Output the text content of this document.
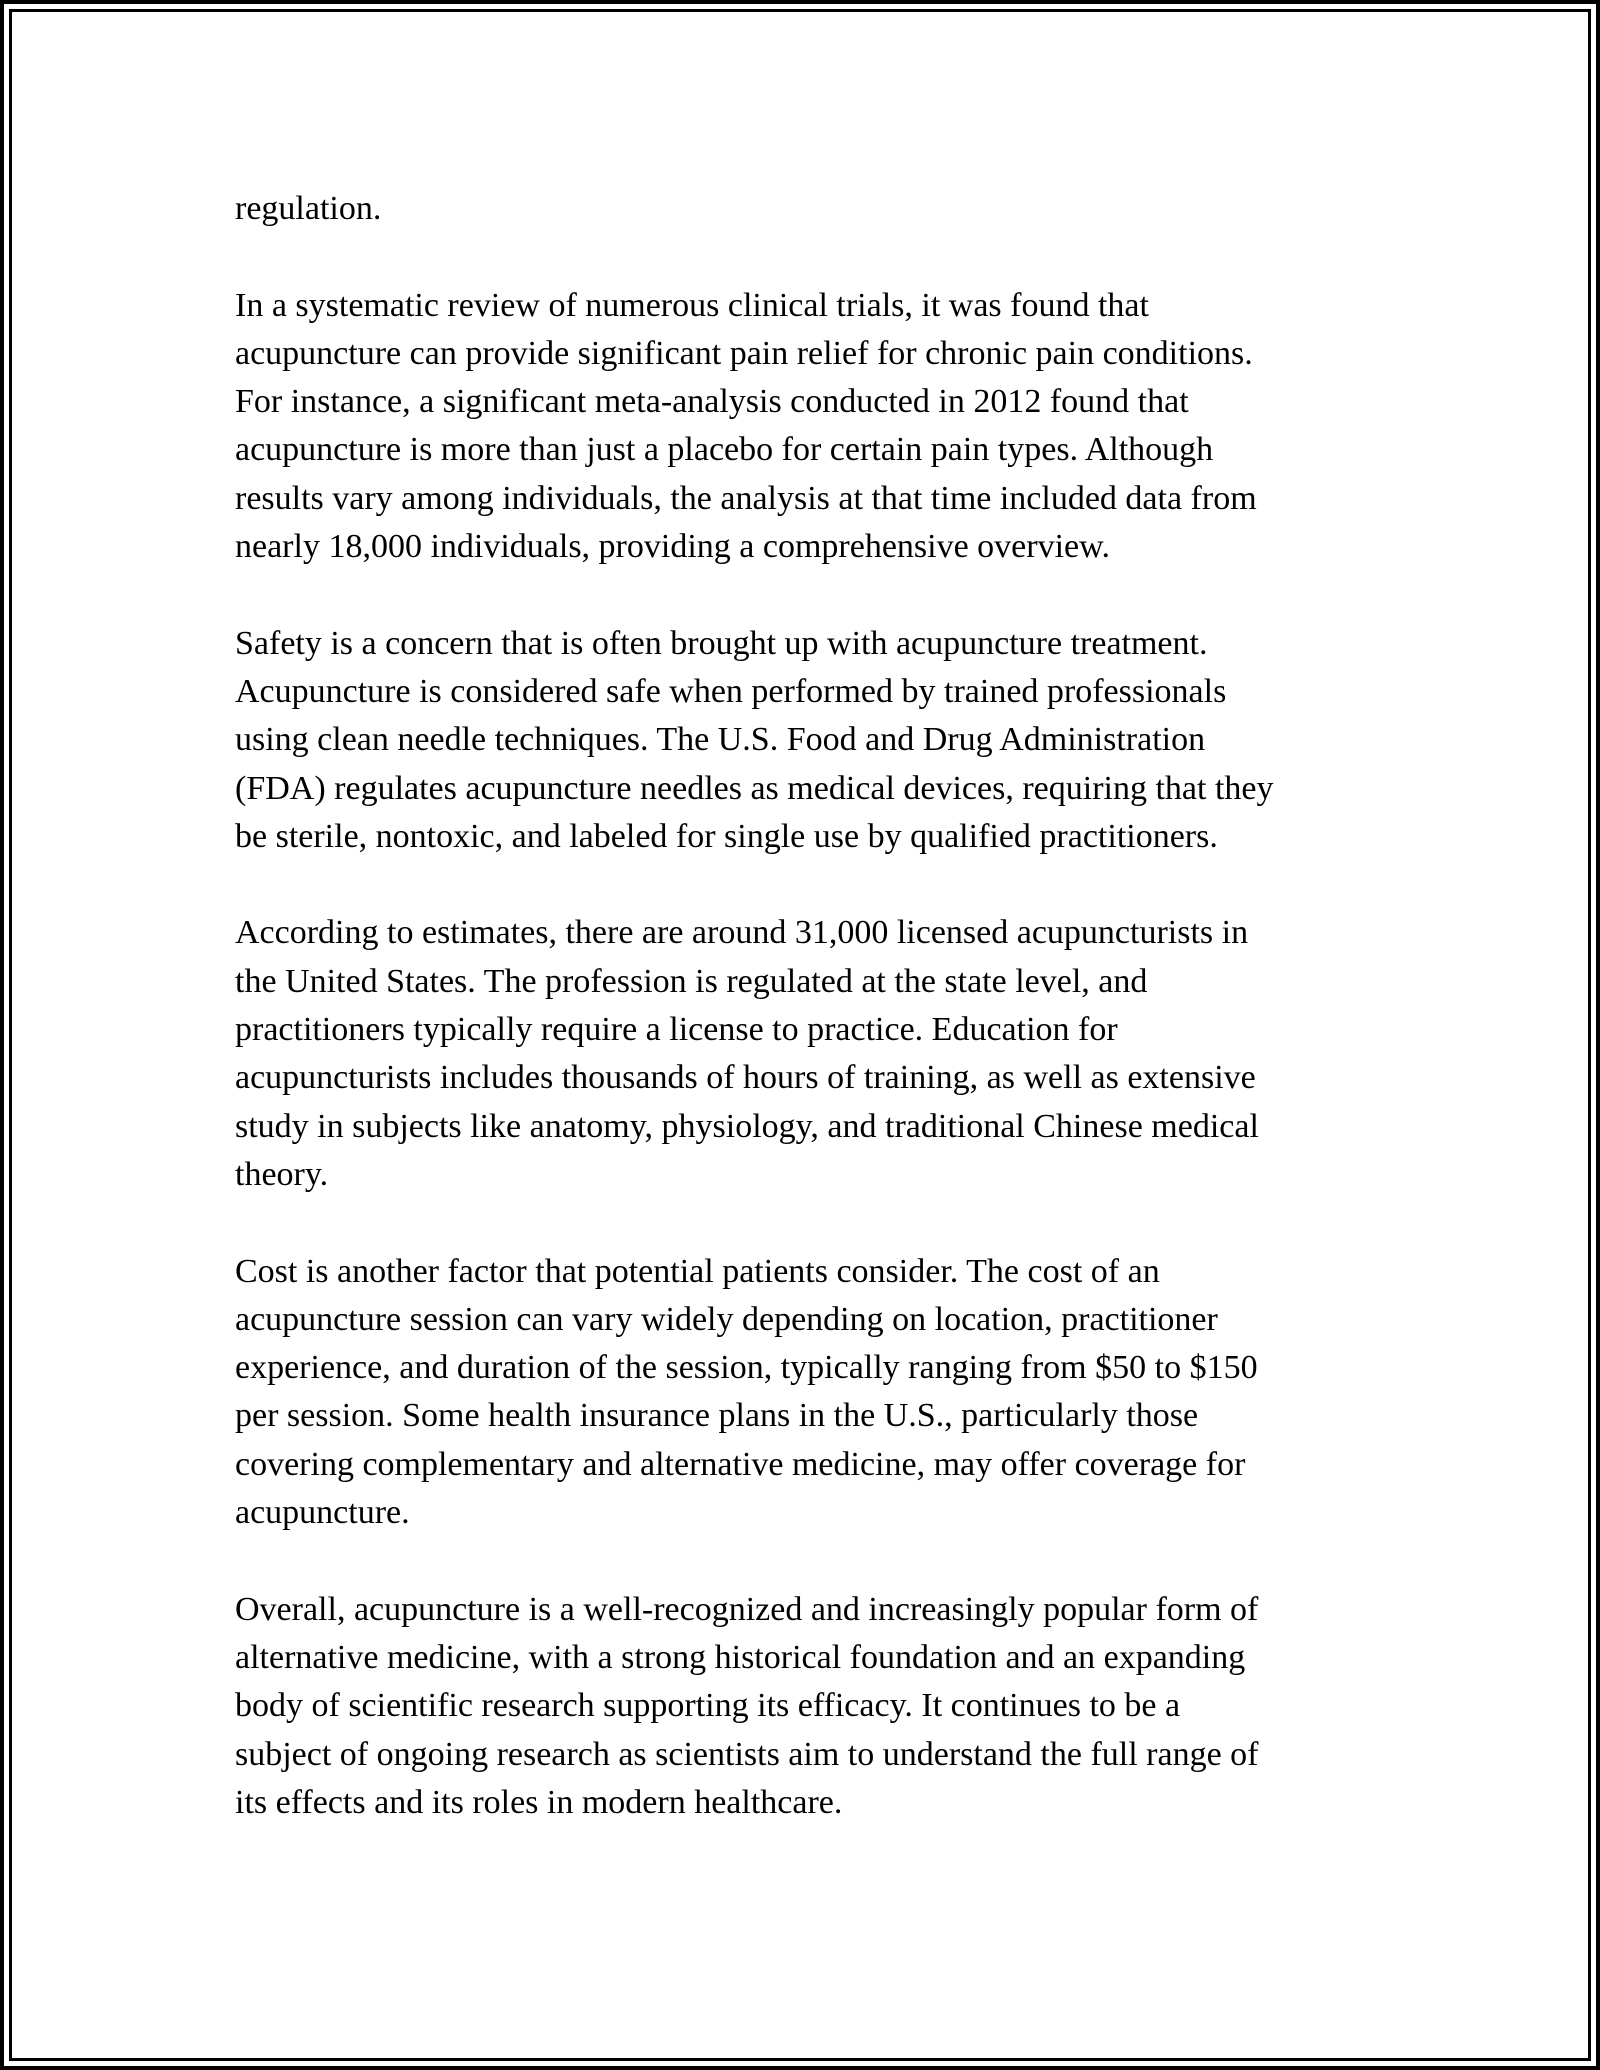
regulation.

In a systematic review of numerous clinical trials, it was found that
acupuncture can provide significant pain relief for chronic pain conditions.
For instance, a significant meta-analysis conducted in 2012 found that
acupuncture is more than just a placebo for certain pain types. Although
results vary among individuals, the analysis at that time included data from
nearly 18,000 individuals, providing a comprehensive overview.

Safety is a concern that is often brought up with acupuncture treatment.
Acupuncture is considered safe when performed by trained professionals
using clean needle techniques. The U.S. Food and Drug Administration
(FDA) regulates acupuncture needles as medical devices, requiring that they
be sterile, nontoxic, and labeled for single use by qualified practitioners.

According to estimates, there are around 31,000 licensed acupuncturists in
the United States. The profession is regulated at the state level, and
practitioners typically require a license to practice. Education for
acupuncturists includes thousands of hours of training, as well as extensive
study in subjects like anatomy, physiology, and traditional Chinese medical
theory.

Cost is another factor that potential patients consider. The cost of an
acupuncture session can vary widely depending on location, practitioner
experience, and duration of the session, typically ranging from $50 to $150
per session. Some health insurance plans in the U.S., particularly those
covering complementary and alternative medicine, may offer coverage for
acupuncture.

Overall, acupuncture is a well-recognized and increasingly popular form of
alternative medicine, with a strong historical foundation and an expanding
body of scientific research supporting its efficacy. It continues to be a
subject of ongoing research as scientists aim to understand the full range of
its effects and its roles in modern healthcare.
